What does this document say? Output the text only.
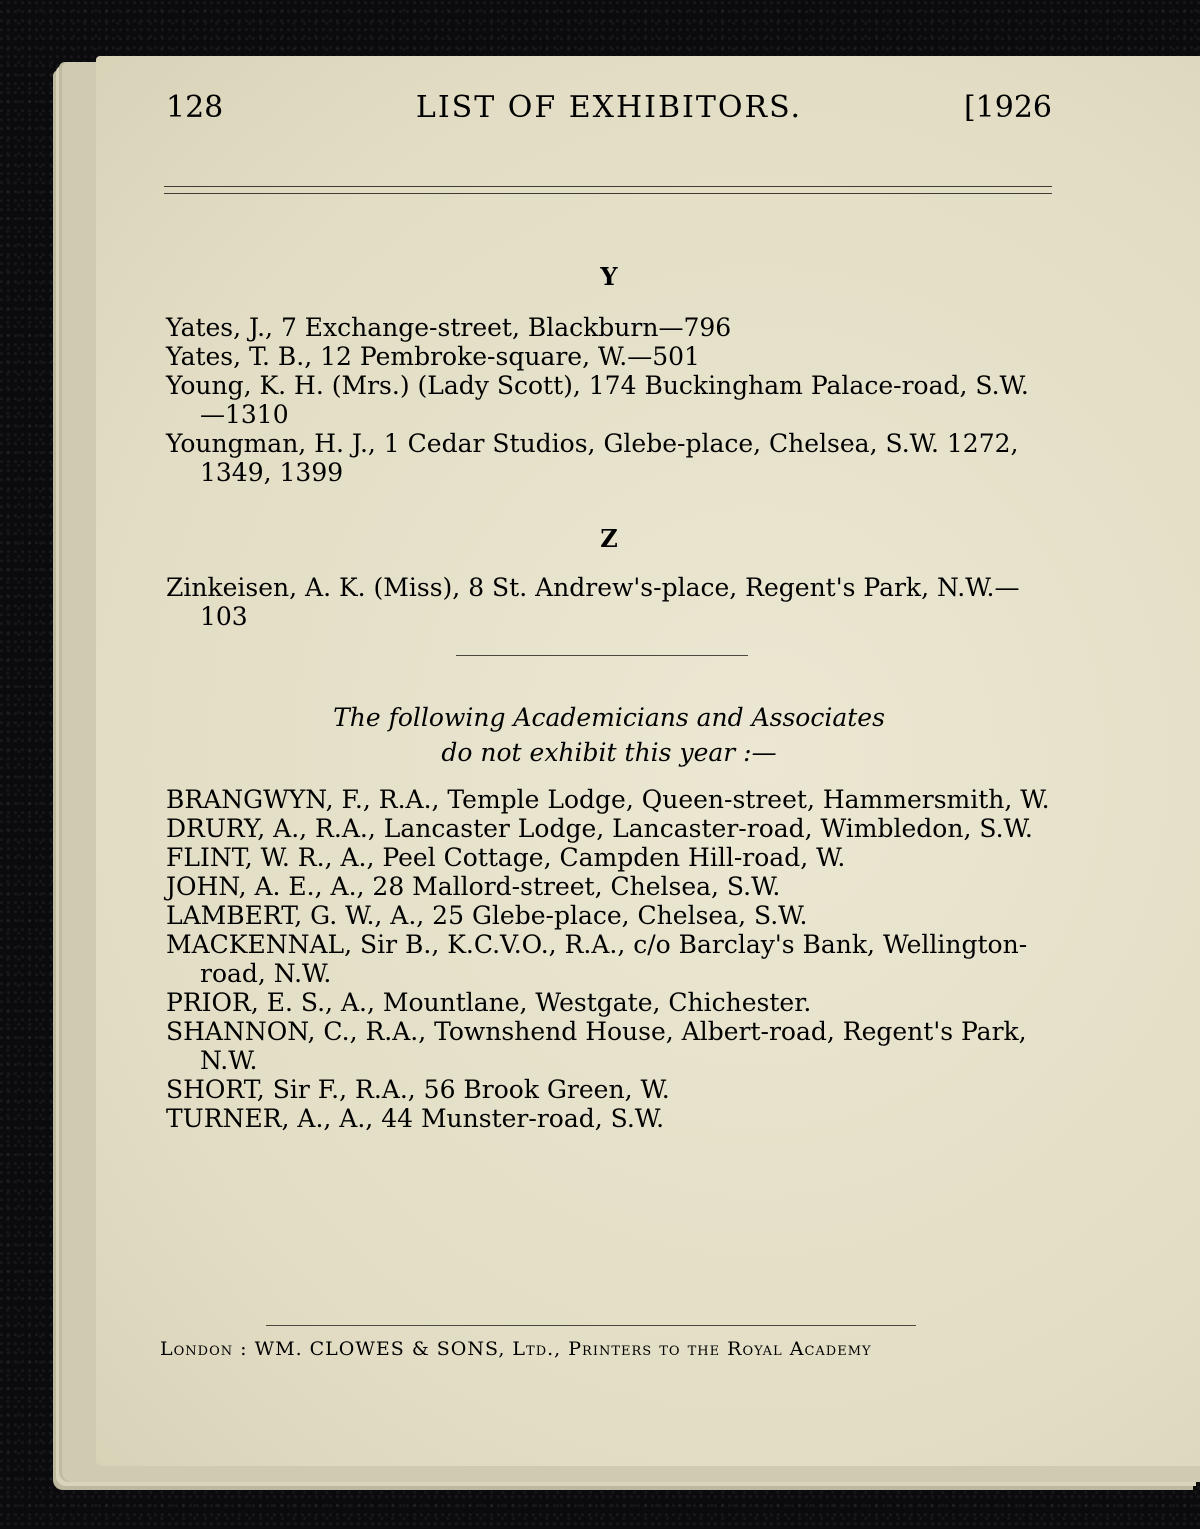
128	LIST OF EXHIBITORS.	[1926
Y

Yates, J., 7 Exchange-street, Blackburn—796

Yates, T. B., 12 Pembroke-square, W.—501

Young, K. H. (Mrs.) (Lady Scott), 174 Buckingham Palace-road, S.W.—1310

Youngman, H. J., 1 Cedar Studios, Glebe-place, Chelsea, S.W. 1272, 1349, 1399

Z

Zinkeisen, A. K. (Miss), 8 St. Andrew's-place, Regent's Park, N.W.—103

The following Academicians and Associates
do not exhibit this year :—

BRANGWYN, F., R.A., Temple Lodge, Queen-street, Hammersmith, W.

DRURY, A., R.A., Lancaster Lodge, Lancaster-road, Wimbledon, S.W.

FLINT, W. R., A., Peel Cottage, Campden Hill-road, W.

JOHN, A. E., A., 28 Mallord-street, Chelsea, S.W.

LAMBERT, G. W., A., 25 Glebe-place, Chelsea, S.W.

MACKENNAL, Sir B., K.C.V.O., R.A., c/o Barclay's Bank, Wellington-road, N.W.

PRIOR, E. S., A., Mountlane, Westgate, Chichester.

SHANNON, C., R.A., Townshend House, Albert-road, Regent's Park, N.W.

SHORT, Sir F., R.A., 56 Brook Green, W.

TURNER, A., A., 44 Munster-road, S.W.

London : WM. CLOWES & SONS, Ltd., Printers to the Royal Academy
